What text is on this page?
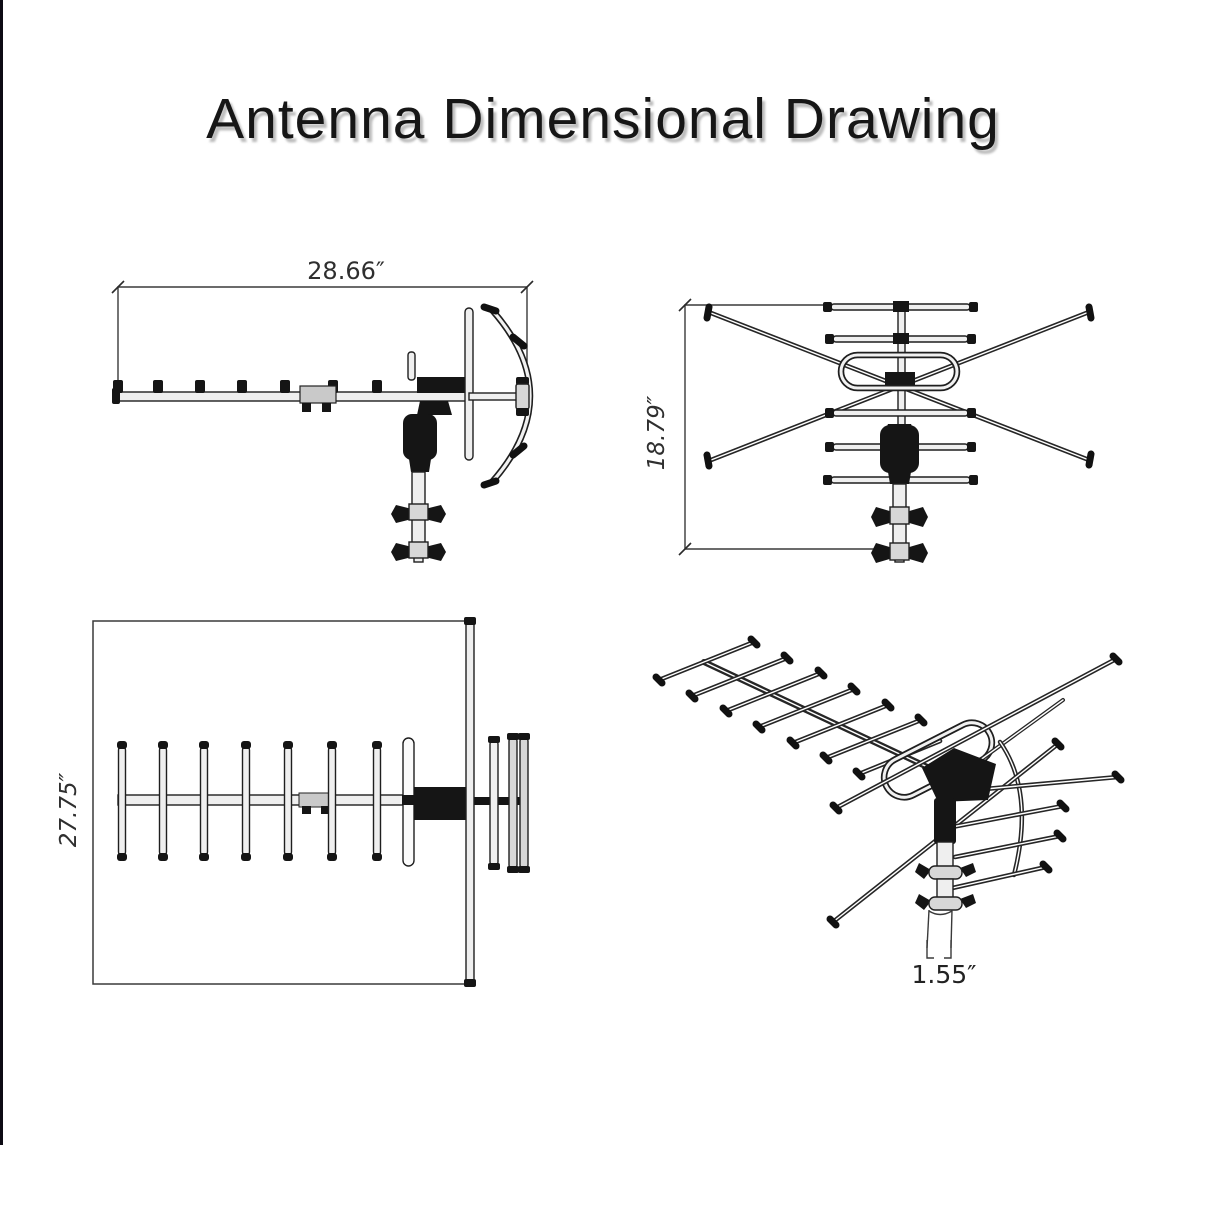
Antenna Dimensional Drawing
28.66″
18.79″
27.75″
1.55″
